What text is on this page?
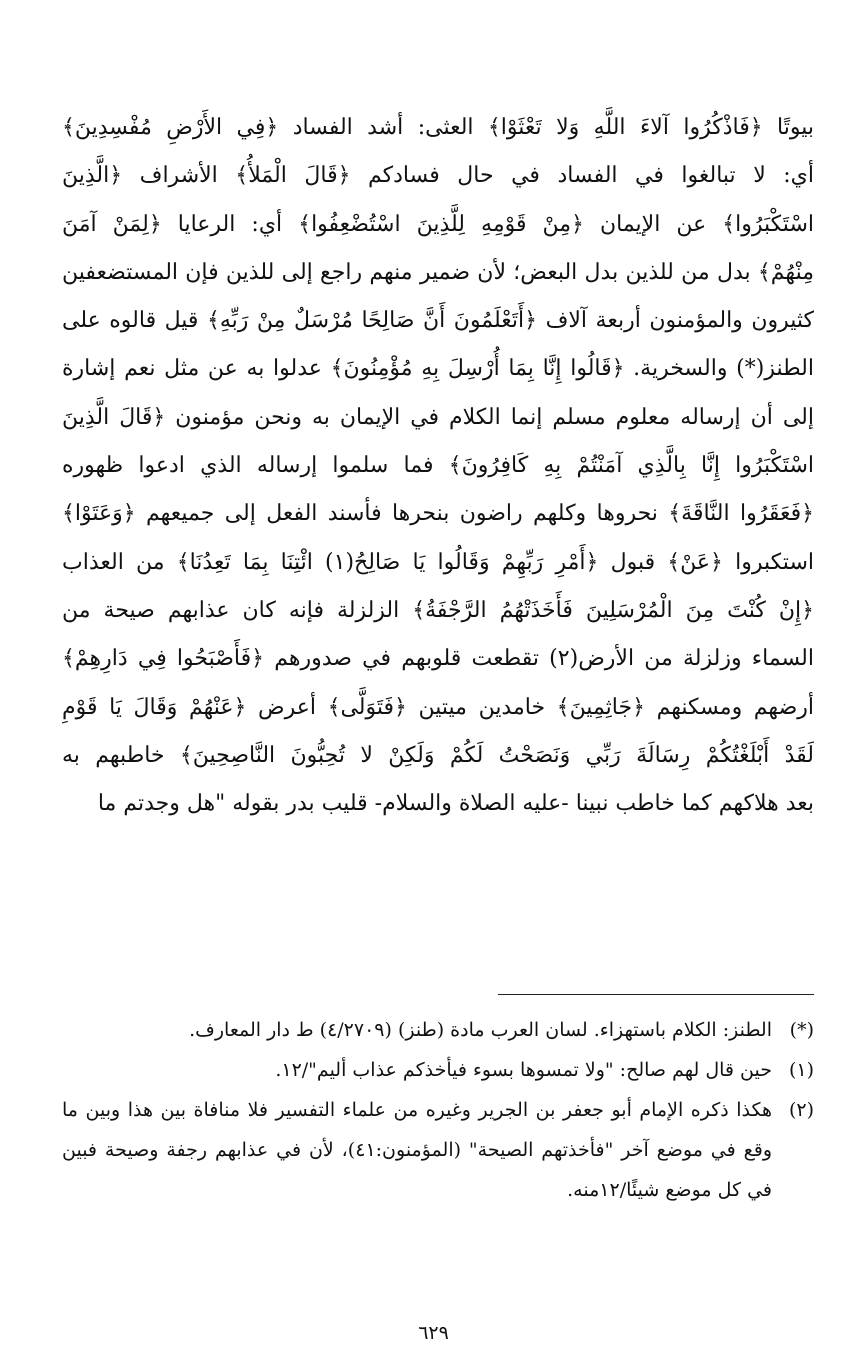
بيوتًا ﴿فَاذْكُرُوا آلاءَ اللَّهِ وَلا تَعْثَوْا﴾ العثى: أشد الفساد ﴿فِي الأَرْضِ مُفْسِدِينَ﴾
أي: لا تبالغوا في الفساد في حال فسادكم ﴿قَالَ الْمَلأُ﴾ الأشراف ﴿الَّذِينَ
اسْتَكْبَرُوا﴾ عن الإيمان ﴿مِنْ قَوْمِهِ لِلَّذِينَ اسْتُضْعِفُوا﴾ أي: الرعايا ﴿لِمَنْ آمَنَ
مِنْهُمْ﴾ بدل من للذين بدل البعض؛ لأن ضمير منهم راجع إلى للذين فإن المستضعفين
كثيرون والمؤمنون أربعة آلاف ﴿أَتَعْلَمُونَ أَنَّ صَالِحًا مُرْسَلٌ مِنْ رَبِّهِ﴾ قيل قالوه على
الطنز(*) والسخرية. ﴿قَالُوا إِنَّا بِمَا أُرْسِلَ بِهِ مُؤْمِنُونَ﴾ عدلوا به عن مثل نعم إشارة
إلى أن إرساله معلوم مسلم إنما الكلام في الإيمان به ونحن مؤمنون ﴿قَالَ الَّذِينَ
اسْتَكْبَرُوا إِنَّا بِالَّذِي آمَنْتُمْ بِهِ كَافِرُونَ﴾ فما سلموا إرساله الذي ادعوا ظهوره
﴿فَعَقَرُوا النَّاقَةَ﴾ نحروها وكلهم راضون بنحرها فأسند الفعل إلى جميعهم ﴿وَعَتَوْا﴾
استكبروا ﴿عَنْ﴾ قبول ﴿أَمْرِ رَبِّهِمْ وَقَالُوا يَا صَالِحُ(١) ائْتِنَا بِمَا تَعِدُنَا﴾ من العذاب
﴿إِنْ كُنْتَ مِنَ الْمُرْسَلِينَ فَأَخَذَتْهُمُ الرَّجْفَةُ﴾ الزلزلة فإنه كان عذابهم صيحة من
السماء وزلزلة من الأرض(٢) تقطعت قلوبهم في صدورهم ﴿فَأَصْبَحُوا فِي دَارِهِمْ﴾
أرضهم ومسكنهم ﴿جَاثِمِينَ﴾ خامدين ميتين ﴿فَتَوَلَّى﴾ أعرض ﴿عَنْهُمْ وَقَالَ يَا قَوْمِ
لَقَدْ أَبْلَغْتُكُمْ رِسَالَةَ رَبِّي وَنَصَحْتُ لَكُمْ وَلَكِنْ لا تُحِبُّونَ النَّاصِحِينَ﴾ خاطبهم به
بعد هلاكهم كما خاطب نبينا -عليه الصلاة والسلام- قليب بدر بقوله "هل وجدتم ما
(*)
الطنز: الكلام باستهزاء. لسان العرب مادة (طنز) (٤/٢٧٠٩) ط دار المعارف.
(١)
حين قال لهم صالح: "ولا تمسوها بسوء فيأخذكم عذاب أليم"/١٢.
(٢)
هكذا ذكره الإمام أبو جعفر بن الجرير وغيره من علماء التفسير فلا منافاة بين هذا وبين ما وقع في موضع آخر "فأخذتهم الصيحة" (المؤمنون:٤١)، لأن في عذابهم رجفة وصيحة فبين في كل موضع شيئًا/١٢منه.
٦٢٩
